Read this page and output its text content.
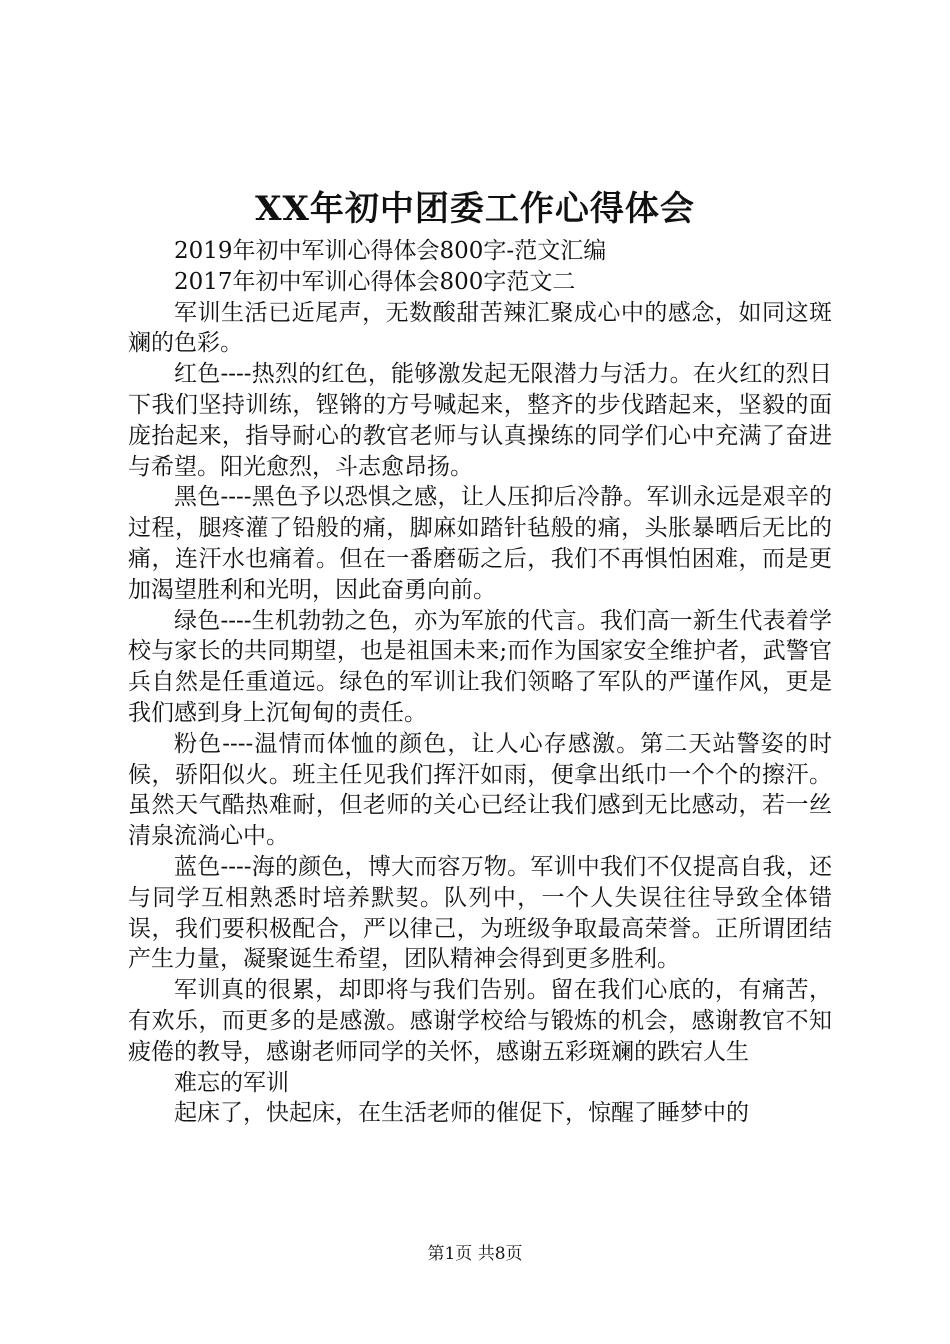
XX年初中团委工作心得体会

2019年初中军训心得体会800字-范文汇编

2017年初中军训心得体会800字范文二

军训生活已近尾声，无数酸甜苦辣汇聚成心中的感念，如同这斑斓的色彩。

红色----热烈的红色，能够激发起无限潜力与活力。在火红的烈日下我们坚持训练，铿锵的方号喊起来，整齐的步伐踏起来，坚毅的面庞抬起来，指导耐心的教官老师与认真操练的同学们心中充满了奋进与希望。阳光愈烈，斗志愈昂扬。

黑色----黑色予以恐惧之感，让人压抑后冷静。军训永远是艰辛的过程，腿疼灌了铅般的痛，脚麻如踏针毡般的痛，头胀暴晒后无比的痛，连汗水也痛着。但在一番磨砺之后，我们不再惧怕困难，而是更加渴望胜利和光明，因此奋勇向前。

绿色----生机勃勃之色，亦为军旅的代言。我们高一新生代表着学校与家长的共同期望，也是祖国未来;而作为国家安全维护者，武警官兵自然是任重道远。绿色的军训让我们领略了军队的严谨作风，更是我们感到身上沉甸甸的责任。

粉色----温情而体恤的颜色，让人心存感激。第二天站警姿的时候，骄阳似火。班主任见我们挥汗如雨，便拿出纸巾一个个的擦汗。虽然天气酷热难耐，但老师的关心已经让我们感到无比感动，若一丝清泉流淌心中。

蓝色----海的颜色，博大而容万物。军训中我们不仅提高自我，还与同学互相熟悉时培养默契。队列中，一个人失误往往导致全体错误，我们要积极配合，严以律己，为班级争取最高荣誉。正所谓团结产生力量，凝聚诞生希望，团队精神会得到更多胜利。

军训真的很累，却即将与我们告别。留在我们心底的，有痛苦，有欢乐，而更多的是感激。感谢学校给与锻炼的机会，感谢教官不知疲倦的教导，感谢老师同学的关怀，感谢五彩斑斓的跌宕人生

难忘的军训

起床了，快起床，在生活老师的催促下，惊醒了睡梦中的

第1页 共8页
